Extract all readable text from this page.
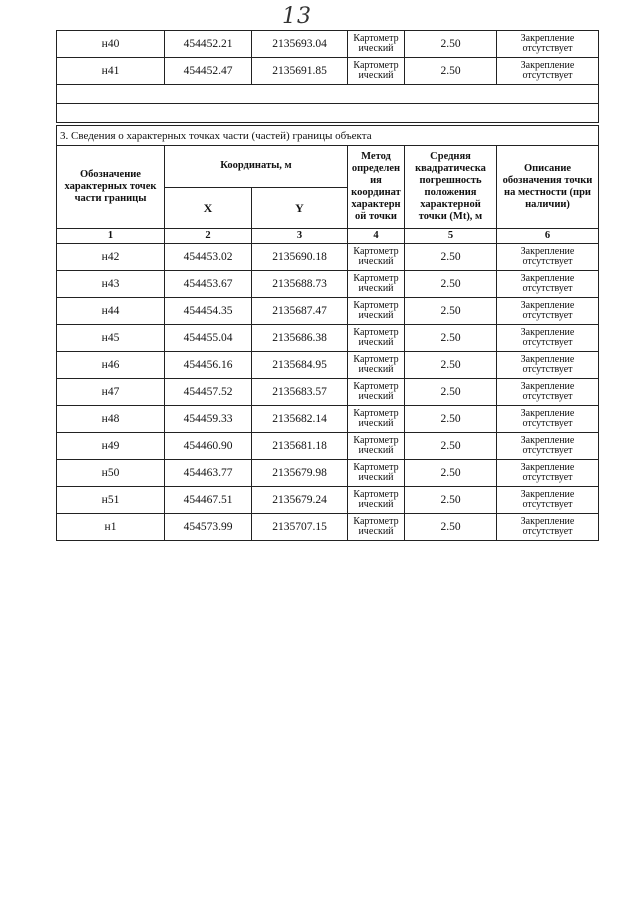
13
н40	454452.21	2135693.04	Картометр ический	2.50	Закрепление отсутствует
н41	454452.47	2135691.85	Картометр ический	2.50	Закрепление отсутствует

3. Сведения о характерных точках части (частей) границы объекта					
Обозначение характерных точек части границы	Координаты, м		Метод определен ия координат характерн ой точки	Средняя квадратическа погрешность положения характерной точки (Mt), м	Описание обозначения точки на местности (при наличии)
	X	Y			
1	2	3	4	5	6
н42	454453.02	2135690.18	Картометр ический	2.50	Закрепление отсутствует
н43	454453.67	2135688.73	Картометр ический	2.50	Закрепление отсутствует
н44	454454.35	2135687.47	Картометр ический	2.50	Закрепление отсутствует
н45	454455.04	2135686.38	Картометр ический	2.50	Закрепление отсутствует
н46	454456.16	2135684.95	Картометр ический	2.50	Закрепление отсутствует
н47	454457.52	2135683.57	Картометр ический	2.50	Закрепление отсутствует
н48	454459.33	2135682.14	Картометр ический	2.50	Закрепление отсутствует
н49	454460.90	2135681.18	Картометр ический	2.50	Закрепление отсутствует
н50	454463.77	2135679.98	Картометр ический	2.50	Закрепление отсутствует
н51	454467.51	2135679.24	Картометр ический	2.50	Закрепление отсутствует
н1	454573.99	2135707.15	Картометр ический	2.50	Закрепление отсутствует
